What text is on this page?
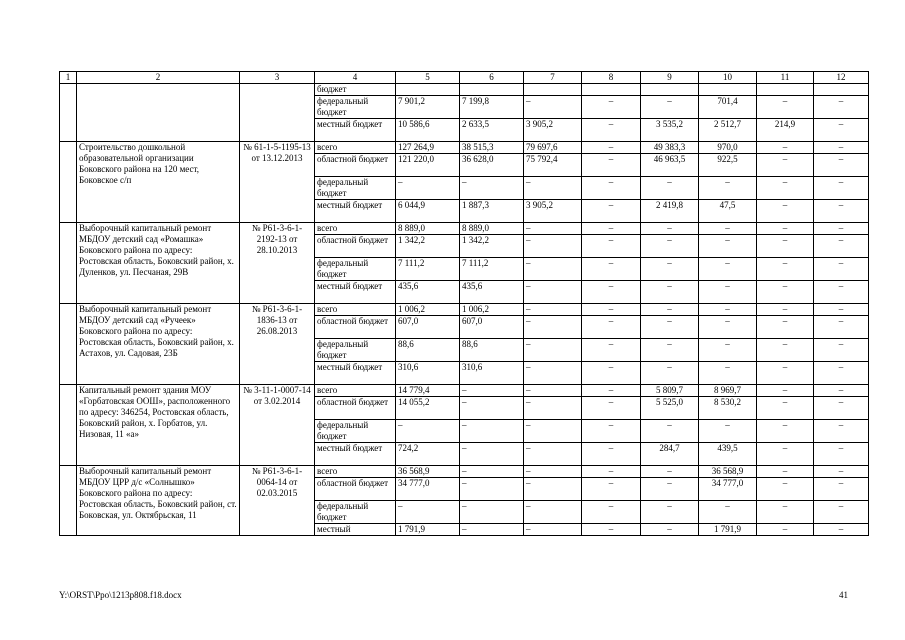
1	2	3	4	5	6	7	8	9	10	11	12
			бюджет								
			федеральный бюджет	7 901,2	7 199,8	–	–	–	701,4	–	–
			местный бюджет	10 586,6	2 633,5	3 905,2	–	3 535,2	2 512,7	214,9	–
	Строительство дошкольной образовательной организации Боковского района на 120 мест, Боковское с/п	№ 61-1-5-1195-13 от 13.12.2013	всего	127 264,9	38 515,3	79 697,6	–	49 383,3	970,0	–	–
			областной бюджет	121 220,0	36 628,0	75 792,4	–	46 963,5	922,5	–	–
			федеральный бюджет	–	–	–	–	–	–	–	–
			местный бюджет	6 044,9	1 887,3	3 905,2	–	2 419,8	47,5	–	–
	Выборочный капитальный ремонт МБДОУ детский сад «Ромашка» Боковского района по адресу: Ростовская область, Боковский район, х. Дуленков, ул. Песчаная, 29В	№ Р61-3-6-1-2192-13 от 28.10.2013	всего	8 889,0	8 889,0	–	–	–	–	–	–
			областной бюджет	1 342,2	1 342,2	–	–	–	–	–	–
			федеральный бюджет	7 111,2	7 111,2	–	–	–	–	–	–
			местный бюджет	435,6	435,6	–	–	–	–	–	–
	Выборочный капитальный ремонт МБДОУ детский сад «Ручеек» Боковского района по адресу: Ростовская область, Боковский район, х. Астахов, ул. Садовая, 23Б	№ Р61-3-6-1-1836-13 от 26.08.2013	всего	1 006,2	1 006,2	–	–	–	–	–	–
			областной бюджет	607,0	607,0	–	–	–	–	–	–
			федеральный бюджет	88,6	88,6	–	–	–	–	–	–
			местный бюджет	310,6	310,6	–	–	–	–	–	–
	Капитальный ремонт здания МОУ «Горбатовская ООШ», расположенного по адресу: 346254, Ростовская область, Боковский район, х. Горбатов, ул. Низовая, 11 «а»	№ 3-11-1-0007-14 от 3.02.2014	всего	14 779,4	–	–	–	5 809,7	8 969,7	–	–
			областной бюджет	14 055,2	–	–	–	5 525,0	8 530,2	–	–
			федеральный бюджет	–	–	–	–	–	–	–	–
			местный бюджет	724,2	–	–	–	284,7	439,5	–	–
	Выборочный капитальный ремонт МБДОУ ЦРР д/с «Солнышко» Боковского района по адресу: Ростовская область, Боковский район, ст. Боковская, ул. Октябрьская, 11	№ Р61-3-6-1-0064-14 от 02.03.2015	всего	36 568,9	–	–	–	–	36 568,9	–	–
			областной бюджет	34 777,0	–	–	–	–	34 777,0	–	–
			федеральный бюджет	–	–	–	–	–	–	–	–
			местный	1 791,9	–	–	–	–	1 791,9	–	–
Y:\ORST\Ppo\1213p808.f18.docx	41
